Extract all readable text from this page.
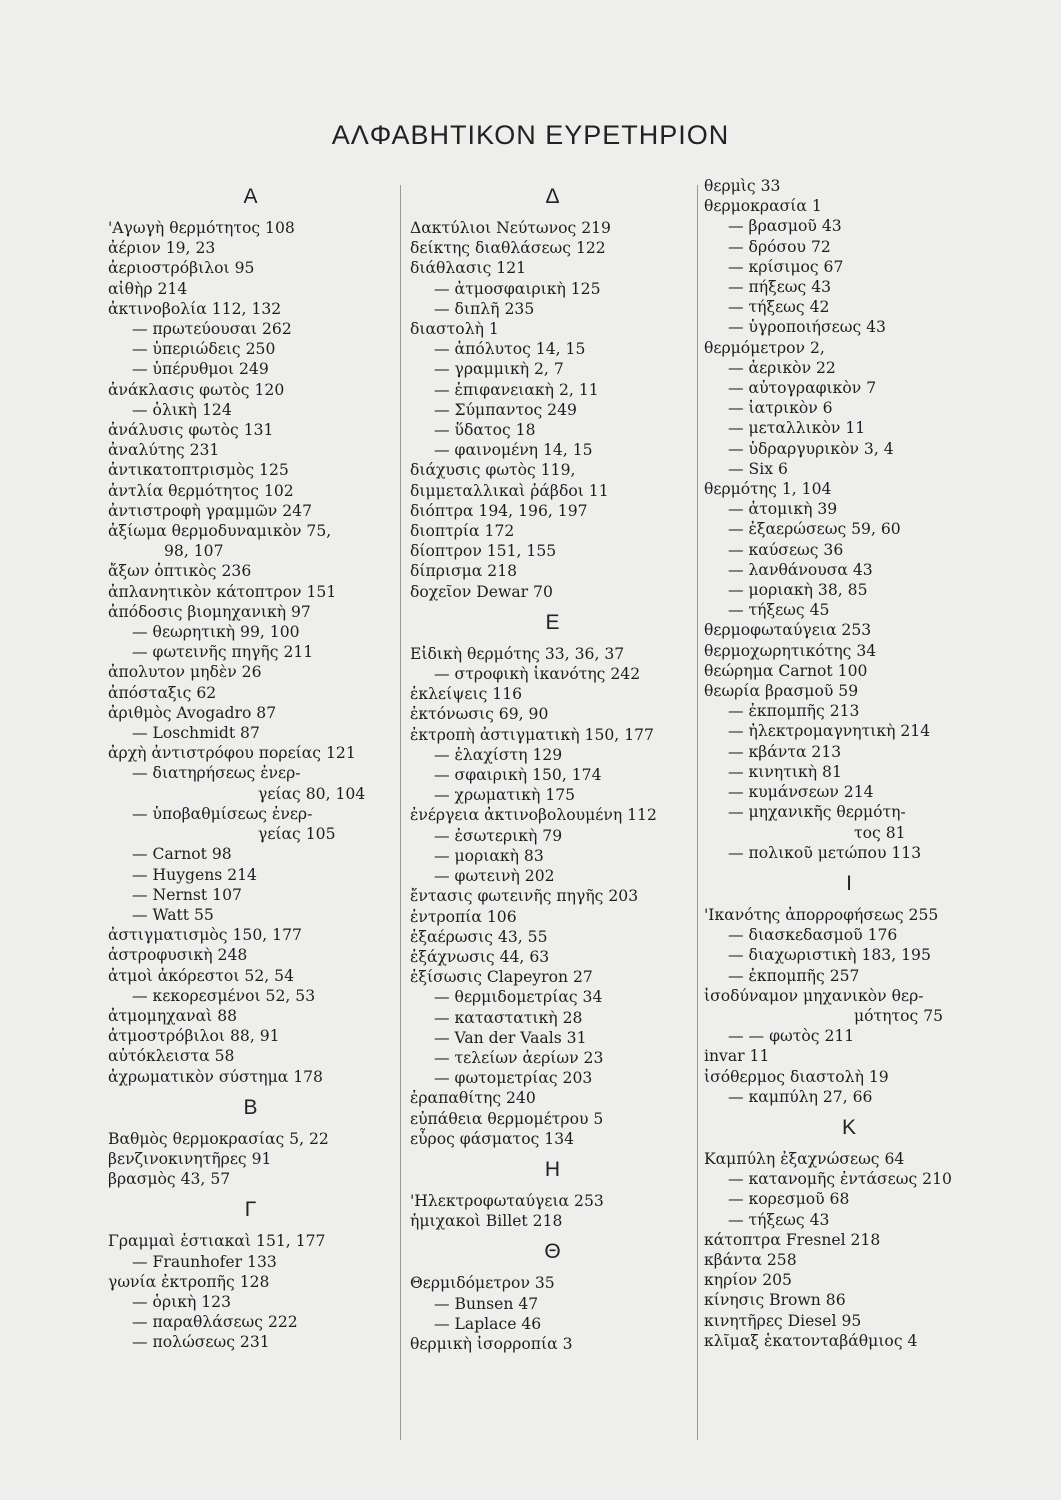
ΑΛΦΑΒΗΤΙΚΟΝ ΕΥΡΕΤΗΡΙΟΝ
A
'Αγωγὴ θερμότητος 108
ἀέριον 19, 23
ἀεριοστρόβιλοι 95
αἰθὴρ 214
ἀκτινοβολία 112, 132
— πρωτεύουσαι 262
— ὑπεριώδεις 250
— ὑπέρυθμοι 249
ἀνάκλασις φωτὸς 120
— ὁλικὴ 124
ἀνάλυσις φωτὸς 131
ἀναλύτης 231
ἀντικατοπτρισμὸς 125
ἀντλία θερμότητος 102
ἀντιστροφὴ γραμμῶν 247
ἀξίωμα θερμοδυναμικὸν 75,
98, 107
ἄξων ὀπτικὸς 236
ἀπλανητικὸν κάτοπτρον 151
ἀπόδοσις βιομηχανικὴ 97
— θεωρητικὴ 99, 100
— φωτεινῆς πηγῆς 211
ἀπολυτον μηδὲν 26
ἀπόσταξις 62
ἀριθμὸς Avogadro 87
— Loschmidt 87
ἀρχὴ ἀντιστρόφου πορείας 121
— διατηρήσεως ἐνερ-
γείας 80, 104
— ὑποβαθμίσεως ἐνερ-
γείας 105
— Carnot 98
— Huygens 214
— Nernst 107
— Watt 55
ἀστιγματισμὸς 150, 177
ἀστροφυσικὴ 248
ἀτμοὶ ἀκόρεστοι 52, 54
— κεκορεσμένοι 52, 53
ἀτμομηχαναὶ 88
ἀτμοστρόβιλοι 88, 91
αὐτόκλειστα 58
ἀχρωματικὸν σύστημα 178
B
Βαθμὸς θερμοκρασίας 5, 22
βενζινοκινητῆρες 91
βρασμὸς 43, 57
Γ
Γραμμαὶ ἑστιακαὶ 151, 177
— Fraunhofer 133
γωνία ἐκτροπῆς 128
— ὁρικὴ 123
— παραθλάσεως 222
— πολώσεως 231
Δ
Δακτύλιοι Νεύτωνος 219
δείκτης διαθλάσεως 122
διάθλασις 121
— ἀτμοσφαιρικὴ 125
— διπλῆ 235
διαστολὴ 1
— ἀπόλυτος 14, 15
— γραμμικὴ 2, 7
— ἐπιφανειακὴ 2, 11
— Σύμπαντος 249
— ὕδατος 18
— φαινομένη 14, 15
διάχυσις φωτὸς 119,
διμμεταλλικαὶ ῥάβδοι 11
διόπτρα 194, 196, 197
διοπτρία 172
δίοπτρον 151, 155
δίπρισμα 218
δοχεῖον Dewar 70
E
Εἰδικὴ θερμότης 33, 36, 37
— στροφικὴ ἱκανότης 242
ἐκλείψεις 116
ἐκτόνωσις 69, 90
ἐκτροπὴ ἀστιγματικὴ 150, 177
— ἐλαχίστη 129
— σφαιρικὴ 150, 174
— χρωματικὴ 175
ἐνέργεια ἀκτινοβολουμένη 112
— ἐσωτερικὴ 79
— μοριακὴ 83
— φωτεινὴ 202
ἔντασις φωτεινῆς πηγῆς 203
ἐντροπία 106
ἐξαέρωσις 43, 55
ἐξάχνωσις 44, 63
ἐξίσωσις Clapeyron 27
— θερμιδομετρίας 34
— καταστατικὴ 28
— Van der Vaals 31
— τελείων ἀερίων 23
— φωτομετρίας 203
ἐραπαθίτης 240
εὐπάθεια θερμομέτρου 5
εὖρος φάσματος 134
H
'Ηλεκτροφωταύγεια 253
ἡμιχακοὶ Billet 218
Θ
Θερμιδόμετρον 35
— Bunsen 47
— Laplace 46
θερμικὴ ἰσορροπία 3
θερμὶς 33
θερμοκρασία 1
— βρασμοῦ 43
— δρόσου 72
— κρίσιμος 67
— πήξεως 43
— τήξεως 42
— ὑγροποιήσεως 43
θερμόμετρον 2,
— ἀερικὸν 22
— αὐτογραφικὸν 7
— ἰατρικὸν 6
— μεταλλικὸν 11
— ὑδραργυρικὸν 3, 4
— Six 6
θερμότης 1, 104
— ἀτομικὴ 39
— ἐξαερώσεως 59, 60
— καύσεως 36
— λανθάνουσα 43
— μοριακὴ 38, 85
— τήξεως 45
θερμοφωταύγεια 253
θερμοχωρητικότης 34
θεώρημα Carnot 100
θεωρία βρασμοῦ 59
— ἐκπομπῆς 213
— ἠλεκτρομαγνητικὴ 214
— κβάντα 213
— κινητικὴ 81
— κυμάνσεων 214
— μηχανικῆς θερμότη-
τος 81
— πολικοῦ μετώπου 113
I
'Ικανότης ἀπορροφήσεως 255
— διασκεδασμοῦ 176
— διαχωριστικὴ 183, 195
— ἐκπομπῆς 257
ἰσοδύναμον μηχανικὸν θερ-
μότητος 75
— — φωτὸς 211
invar 11
ἰσόθερμος διαστολὴ 19
— καμπύλη 27, 66
K
Καμπύλη ἐξαχνώσεως 64
— κατανομῆς ἐντάσεως 210
— κορεσμοῦ 68
— τήξεως 43
κάτοπτρα Fresnel 218
κβάντα 258
κηρίον 205
κίνησις Brown 86
κινητῆρες Diesel 95
κλῖμαξ ἑκατονταβάθμιος 4
